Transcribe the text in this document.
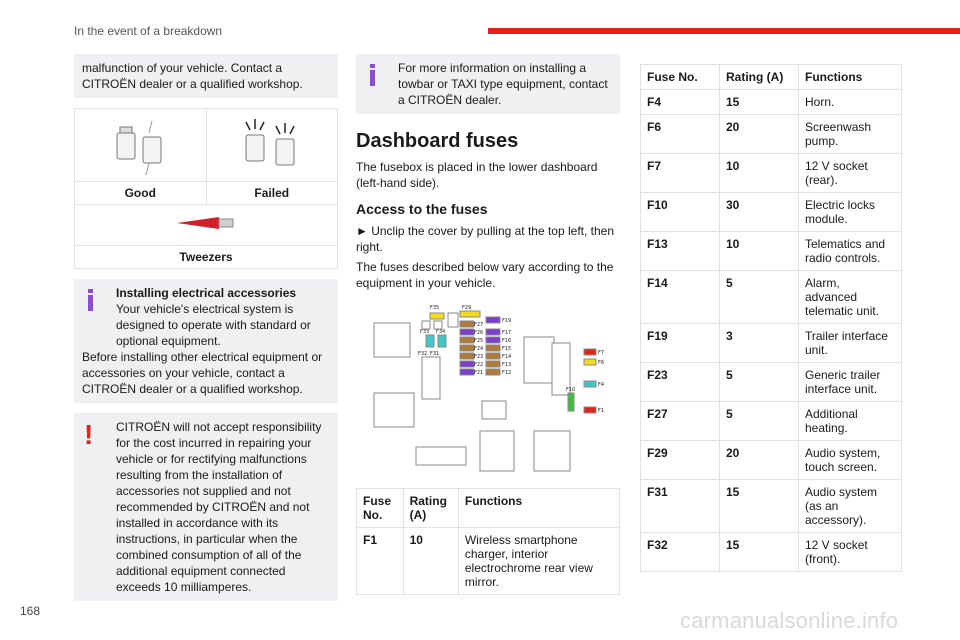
In the event of a breakdown
malfunction of your vehicle. Contact a CITROËN dealer or a qualified workshop.
Good	Failed
Tweezers
Installing electrical accessories
Your vehicle's electrical system is designed to operate with standard or optional equipment.
Before installing other electrical equipment or accessories on your vehicle, contact a CITROËN dealer or a qualified workshop.
!	CITROËN will not accept responsibility for the cost incurred in repairing your vehicle or for rectifying malfunctions resulting from the installation of accessories not supplied and not recommended by CITROËN and not installed in accordance with its instructions, in particular when the combined consumption of all of the additional equipment connected exceeds 10 milliamperes.
For more information on installing a towbar or TAXI type equipment, contact a CITROËN dealer.
Dashboard fuses

The fusebox is placed in the lower dashboard (left-hand side).

Access to the fuses

► Unclip the cover by pulling at the top left, then right.

The fuses described below vary according to the equipment in your vehicle.

F35	F29
F19
F33 F34
F32 F31
F27
F26	F17
F25	F16
F24	F15
F23	F14
F22	F13
F21	F12
F7
F6
F4
F10
F1
Fuse No.	Rating (A)	Functions
F1	10	Wireless smartphone charger, interior electrochrome rear view mirror.
Fuse No.	Rating (A)	Functions
F4	15	Horn.
F6	20	Screenwash pump.
F7	10	12 V socket (rear).
F10	30	Electric locks module.
F13	10	Telematics and radio controls.
F14	5	Alarm, advanced telematic unit.
F19	3	Trailer interface unit.
F23	5	Generic trailer interface unit.
F27	5	Additional heating.
F29	20	Audio system, touch screen.
F31	15	Audio system (as an accessory).
F32	15	12 V socket (front).
168	carmanualsonline.info
